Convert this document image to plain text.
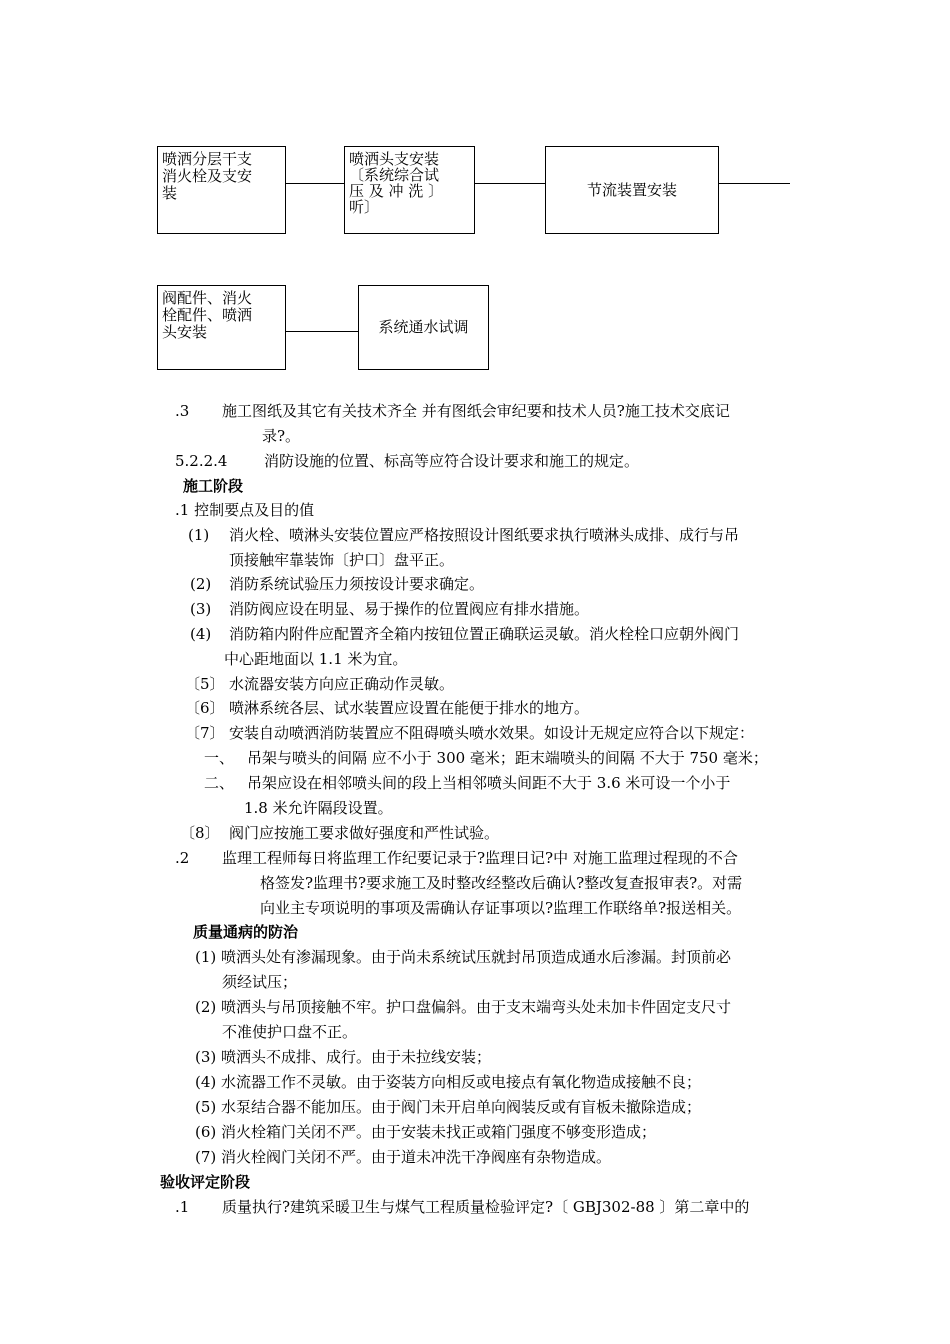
喷洒分层干支
消火栓及支安
装
喷洒头支安装
〔系统综合试
压 及 冲 洗 〕
听〕
节流装置安装
阀配件、消火
栓配件、喷洒
头安装	系统通水试调
.3 施工图纸及其它有关技术齐全 并有图纸会审纪要和技术人员?施工技术交底记
录?。
5.2.2.4 消防设施的位置、标高等应符合设计要求和施工的规定。
施工阶段
.1 控制要点及目的值
(1) 消火栓、喷淋头安装位置应严格按照设计图纸要求执行喷淋头成排、成行与吊
顶接触牢靠装饰〔护口〕盘平正。
(2) 消防系统试验压力须按设计要求确定。
(3) 消防阀应设在明显、易于操作的位置阀应有排水措施。
(4) 消防箱内附件应配置齐全箱内按钮位置正确联运灵敏。消火栓栓口应朝外阀门
中心距地面以 1.1 米为宜。
〔5〕 水流器安装方向应正确动作灵敏。
〔6〕 喷淋系统各层、试水装置应设置在能便于排水的地方。
〔7〕 安装自动喷洒消防装置应不阻碍喷头喷水效果。如设计无规定应符合以下规定：
一、 吊架与喷头的间隔 应不小于 300 毫米；距末端喷头的间隔 不大于 750 毫米；
二、 吊架应设在相邻喷头间的段上当相邻喷头间距不大于 3.6 米可设一个小于
1.8 米允许隔段设置。
〔8〕 阀门应按施工要求做好强度和严性试验。
.2 监理工程师每日将监理工作纪要记录于?监理日记?中 对施工监理过程现的不合
格签发?监理书?要求施工及时整改经整改后确认?整改复查报审表?。对需
向业主专项说明的事项及需确认存证事项以?监理工作联络单?报送相关。
质量通病的防治
(1) 喷洒头处有渗漏现象。由于尚未系统试压就封吊顶造成通水后渗漏。封顶前必
须经试压；
(2) 喷洒头与吊顶接触不牢。护口盘偏斜。由于支末端弯头处未加卡件固定支尺寸
不准使护口盘不正。
(3) 喷洒头不成排、成行。由于未拉线安装；
(4) 水流器工作不灵敏。由于姿装方向相反或电接点有氧化物造成接触不良；
(5) 水泵结合器不能加压。由于阀门未开启单向阀装反或有盲板未撤除造成；
(6) 消火栓箱门关闭不严。由于安装未找正或箱门强度不够变形造成；
(7) 消火栓阀门关闭不严。由于道未冲洗干净阀座有杂物造成。
验收评定阶段
.1 质量执行?建筑采暖卫生与煤气工程质量检验评定?〔 GBJ302-88 〕第二章中的
